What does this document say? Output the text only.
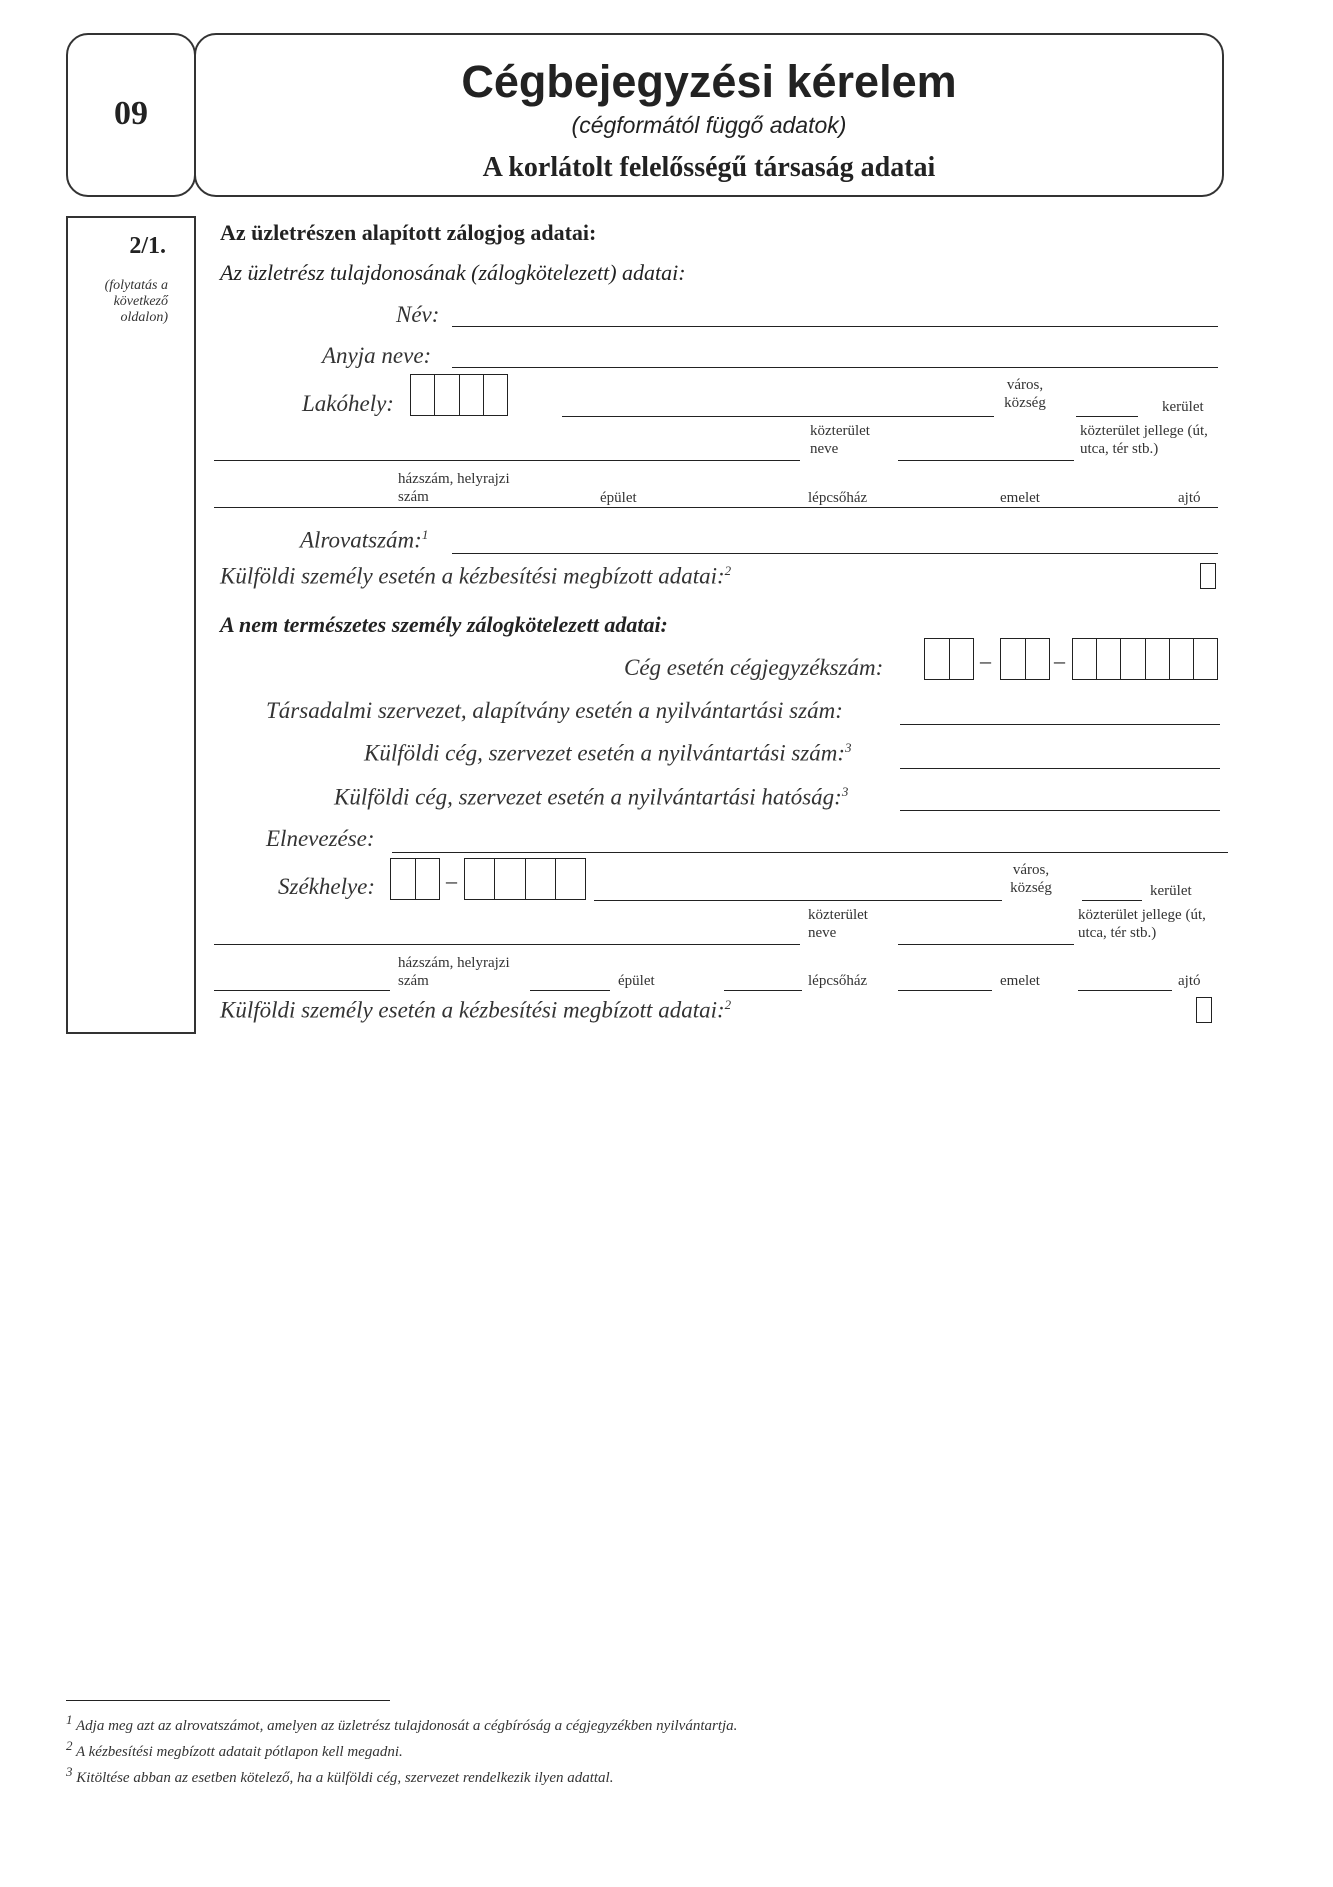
09
Cégbejegyzési kérelem
(cégformától függő adatok)
A korlátolt felelősségű társaság adatai
2/1.
(folytatás a következő oldalon)
Az üzletrészen alapított zálogjog adatai:
Az üzletrész tulajdonosának (zálogkötelezett) adatai:
Név:
Anyja neve:
Lakóhely:
város, község	kerület
közterület neve
közterület jellege (út, utca, tér stb.)
házszám, helyrajzi szám	épület	lépcsőház	emelet	ajtó
Alrovatszám:$^1$
Külföldi személy esetén a kézbesítési megbízott adatai:$^2$
A nem természetes személy zálogkötelezett adatai:
Cég esetén cégjegyzékszám:	–	–
Társadalmi szervezet, alapítvány esetén a nyilvántartási szám:
Külföldi cég, szervezet esetén a nyilvántartási szám:$^3$
Külföldi cég, szervezet esetén a nyilvántartási hatóság:$^3$
Elnevezése:
Székhelye:	–	város, község	kerület
közterület neve
közterület jellege (út, utca, tér stb.)
házszám, helyrajzi szám	épület	lépcsőház	emelet	ajtó
Külföldi személy esetén a kézbesítési megbízott adatai:$^2$
$^1$ Adja meg azt az alrovatszámot, amelyen az üzletrész tulajdonosát a cégbíróság a cégjegyzékben nyilvántartja.
$^2$ A kézbesítési megbízott adatait pótlapon kell megadni.
$^3$ Kitöltése abban az esetben kötelező, ha a külföldi cég, szervezet rendelkezik ilyen adattal.
